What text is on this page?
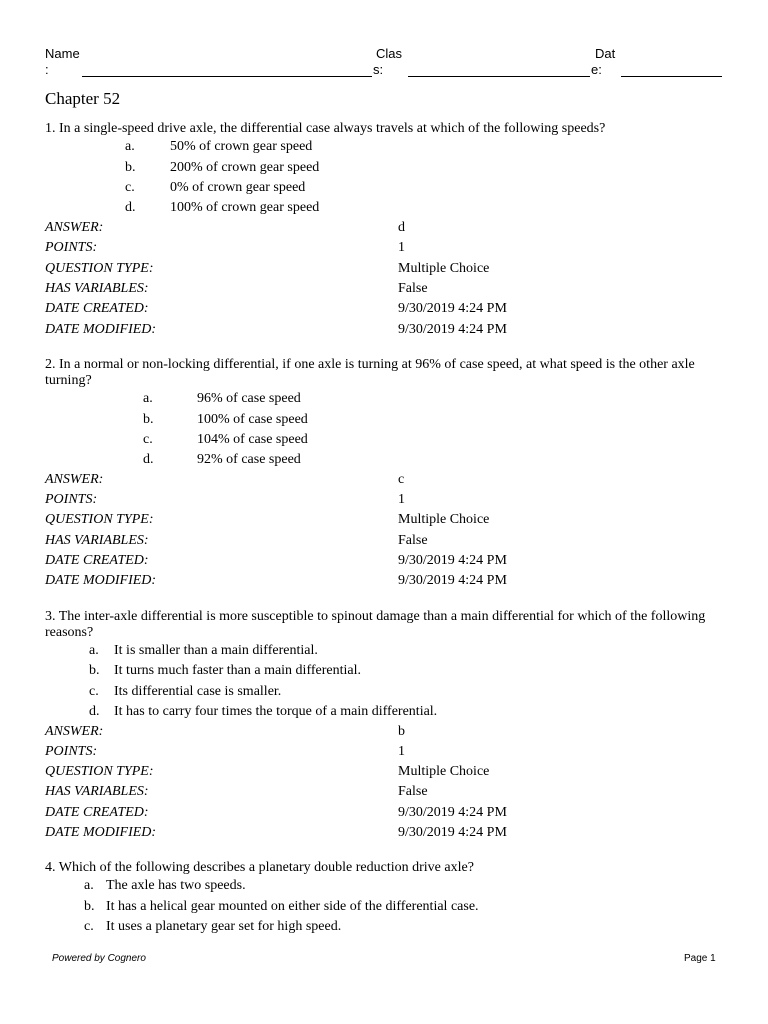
Name
:
Clas
s:
Dat
e:
Chapter 52
1. In a single-speed drive axle, the differential case always travels at which of the following speeds?
a.	50% of crown gear speed
b. 200% of crown gear speed
c.	0% of crown gear speed
d. 100% of crown gear speed
ANSWER:	d
POINTS:	1
QUESTION TYPE:	Multiple Choice
HAS VARIABLES:	False
DATE CREATED:	9/30/2019 4:24 PM
DATE MODIFIED:	9/30/2019 4:24 PM
2. In a normal or non-locking differential, if one axle is turning at 96% of case speed, at what speed is the other axle turning?
a.	96% of case speed
b.	100% of case speed
c.	104% of case speed
d.	92% of case speed
ANSWER:	c
POINTS:	1
QUESTION TYPE:	Multiple Choice
HAS VARIABLES:	False
DATE CREATED:	9/30/2019 4:24 PM
DATE MODIFIED:	9/30/2019 4:24 PM
3. The inter-axle differential is more susceptible to spinout damage than a main differential for which of the following reasons?
a. It is smaller than a main differential.
b. It turns much faster than a main differential.
c. Its differential case is smaller.
d. It has to carry four times the torque of a main differential.
ANSWER:	b
POINTS:	1
QUESTION TYPE:	Multiple Choice
HAS VARIABLES:	False
DATE CREATED:	9/30/2019 4:24 PM
DATE MODIFIED:	9/30/2019 4:24 PM
4. Which of the following describes a planetary double reduction drive axle?
a. The axle has two speeds.
b. It has a helical gear mounted on either side of the differential case.
c. It uses a planetary gear set for high speed.
Powered by Cognero	Page 1
